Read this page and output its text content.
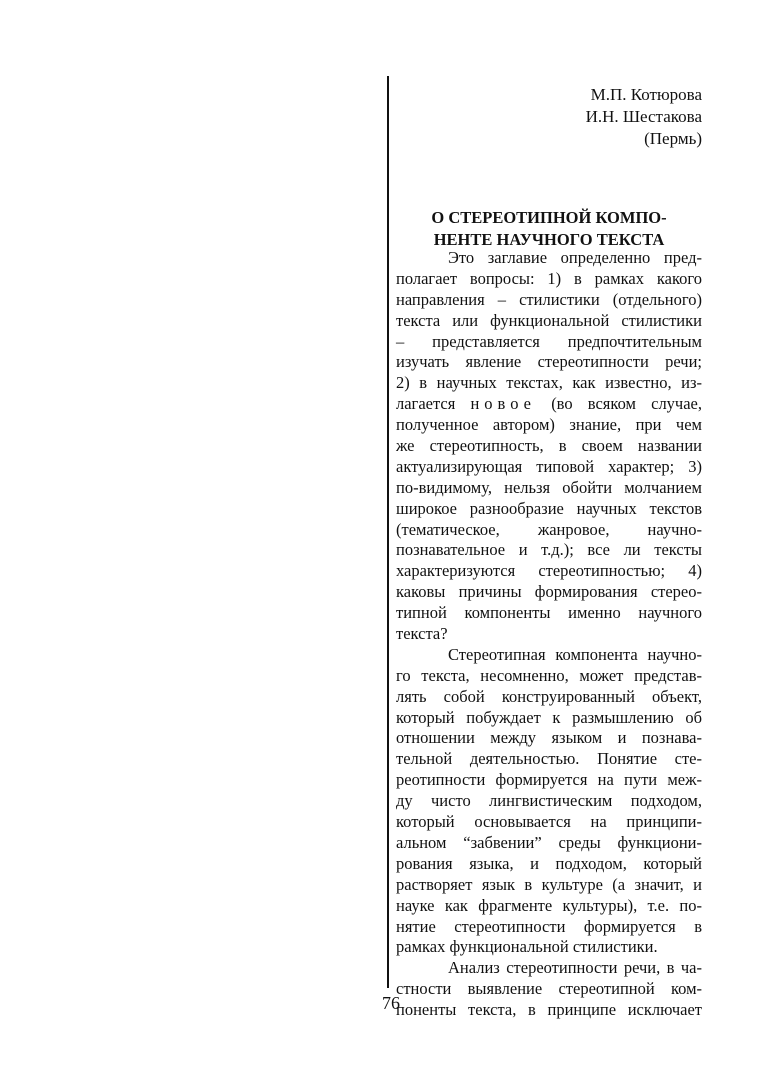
М.П. Котюрова
И.Н. Шестакова
(Пермь)
О СТЕРЕОТИПНОЙ КОМПО-
НЕНТЕ НАУЧНОГО ТЕКСТА
Это заглавие определенно пред-
полагает вопросы: 1) в рамках какого
направления – стилистики (отдельного)
текста или функциональной стилистики
– представляется предпочтительным
изучать явление стереотипности речи;
2) в научных текстах, как известно, из-
лагается новое (во всяком случае,
полученное автором) знание, при чем
же стереотипность, в своем названии
актуализирующая типовой характер; 3)
по-видимому, нельзя обойти молчанием
широкое разнообразие научных текстов
(тематическое, жанровое, научно-
познавательное и т.д.); все ли тексты
характеризуются стереотипностью; 4)
каковы причины формирования стерео-
типной компоненты именно научного
текста?
Стереотипная компонента научно-
го текста, несомненно, может представ-
лять собой конструированный объект,
который побуждает к размышлению об
отношении между языком и познава-
тельной деятельностью. Понятие сте-
реотипности формируется на пути меж-
ду чисто лингвистическим подходом,
который основывается на принципи-
альном “забвении” среды функциони-
рования языка, и подходом, который
растворяет язык в культуре (а значит, и
науке как фрагменте культуры), т.е. по-
нятие стереотипности формируется в
рамках функциональной стилистики.
Анализ стереотипности речи, в ча-
стности выявление стереотипной ком-
поненты текста, в принципе исключает
76
